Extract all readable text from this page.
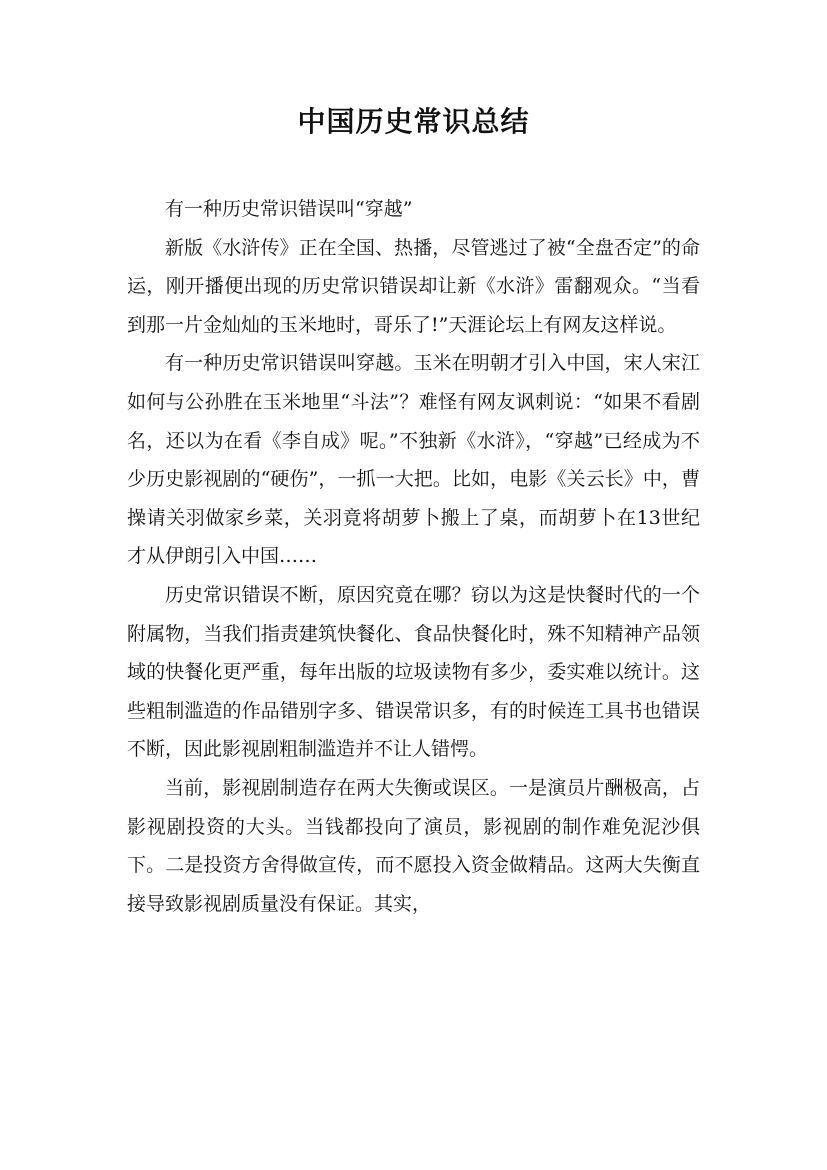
中国历史常识总结

有一种历史常识错误叫“穿越”

新版《水浒传》正在全国、热播，尽管逃过了被“全盘否定”的命运，刚开播便出现的历史常识错误却让新《水浒》雷翻观众。“当看到那一片金灿灿的玉米地时，哥乐了!”天涯论坛上有网友这样说。

有一种历史常识错误叫穿越。玉米在明朝才引入中国，宋人宋江如何与公孙胜在玉米地里“斗法”？难怪有网友讽刺说：“如果不看剧名，还以为在看《李自成》呢。”不独新《水浒》，“穿越”已经成为不少历史影视剧的“硬伤”，一抓一大把。比如，电影《关云长》中，曹操请关羽做家乡菜，关羽竟将胡萝卜搬上了桌，而胡萝卜在13世纪才从伊朗引入中国……

历史常识错误不断，原因究竟在哪？窃以为这是快餐时代的一个附属物，当我们指责建筑快餐化、食品快餐化时，殊不知精神产品领域的快餐化更严重，每年出版的垃圾读物有多少，委实难以统计。这些粗制滥造的作品错别字多、错误常识多，有的时候连工具书也错误不断，因此影视剧粗制滥造并不让人错愕。

当前，影视剧制造存在两大失衡或误区。一是演员片酬极高，占影视剧投资的大头。当钱都投向了演员，影视剧的制作难免泥沙俱下。二是投资方舍得做宣传，而不愿投入资金做精品。这两大失衡直接导致影视剧质量没有保证。其实，
